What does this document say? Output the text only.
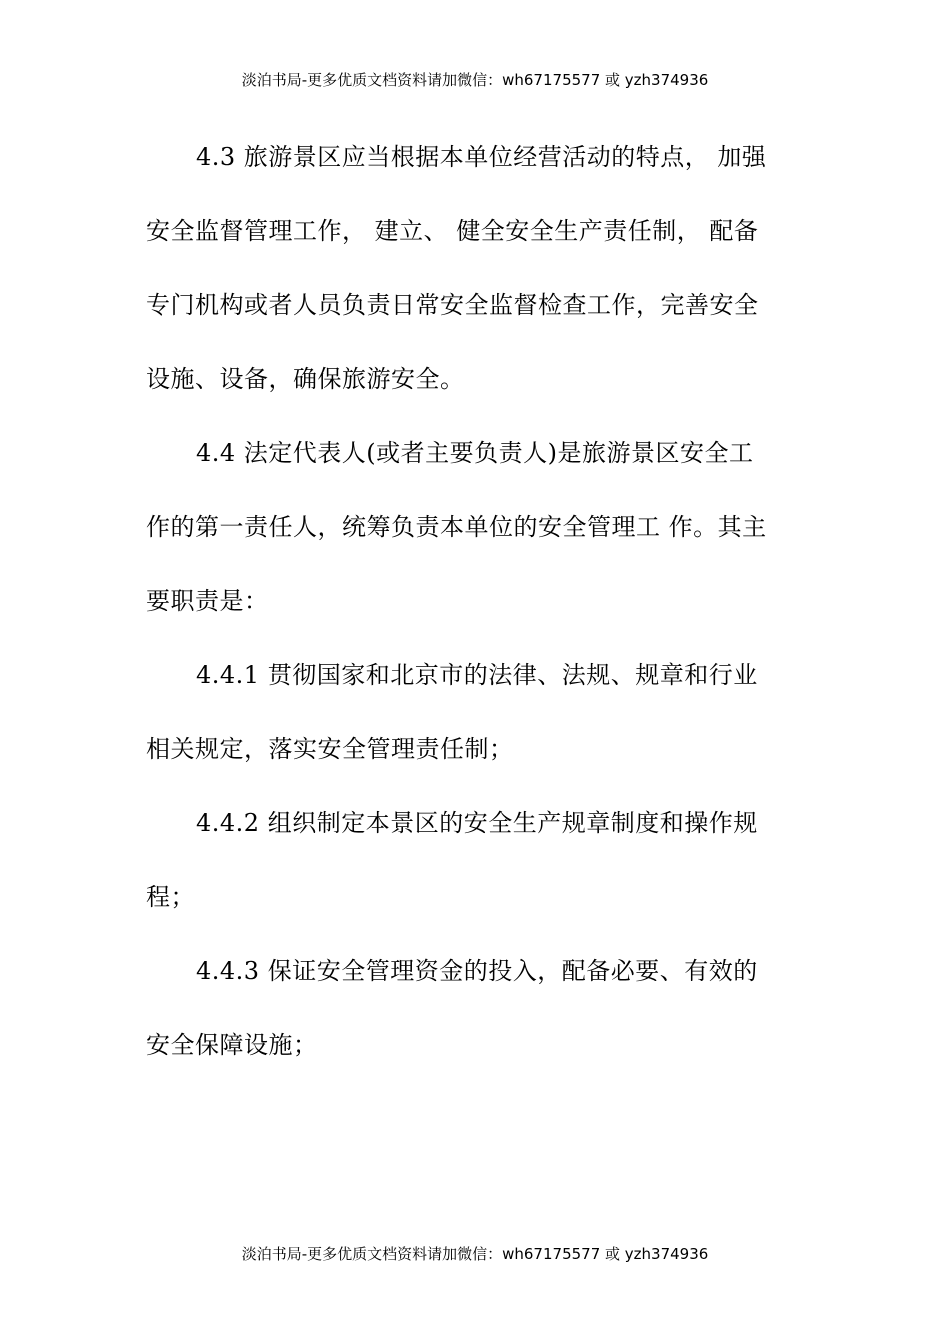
淡泊书局-更多优质文档资料请加微信：wh67175577 或 yzh374936
4.3 旅游景区应当根据本单位经营活动的特点， 加强
安全监督管理工作， 建立、 健全安全生产责任制， 配备
专门机构或者人员负责日常安全监督检查工作，完善安全
设施、设备，确保旅游安全。
4.4 法定代表人(或者主要负责人)是旅游景区安全工
作的第一责任人，统筹负责本单位的安全管理工 作。其主
要职责是：
4.4.1 贯彻国家和北京市的法律、法规、规章和行业
相关规定，落实安全管理责任制；
4.4.2 组织制定本景区的安全生产规章制度和操作规
程；
4.4.3 保证安全管理资金的投入，配备必要、有效的
安全保障设施；
淡泊书局-更多优质文档资料请加微信：wh67175577 或 yzh374936
